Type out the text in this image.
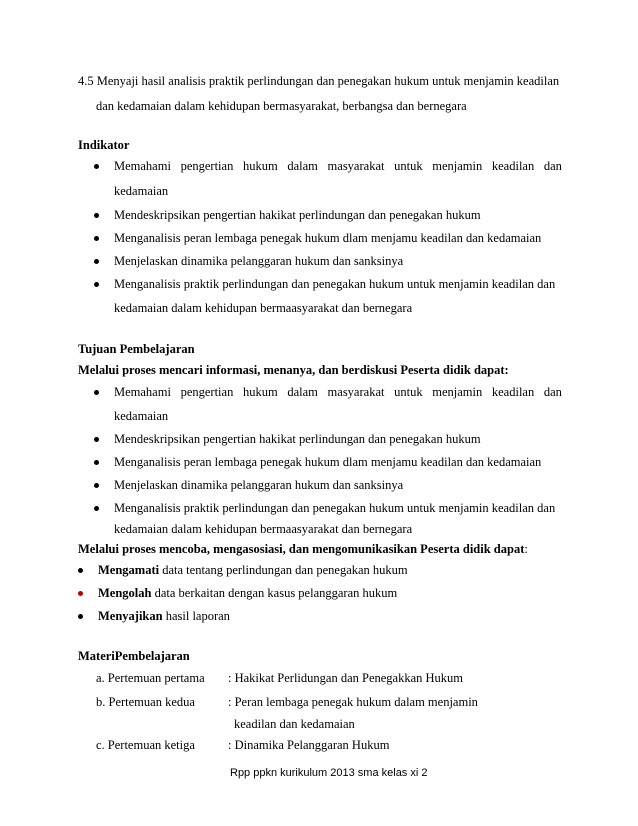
4.5 Menyaji hasil analisis praktik perlindungan dan penegakan hukum untuk menjamin keadilan
dan kedamaian dalam kehidupan bermasyarakat, berbangsa dan bernegara
Indikator
Memahami pengertian hukum dalam masyarakat untuk menjamin keadilan dan
kedamaian
Mendeskripsikan pengertian hakikat perlindungan dan penegakan hukum
Menganalisis peran lembaga penegak hukum dlam menjamu keadilan dan kedamaian
Menjelaskan dinamika pelanggaran hukum dan sanksinya
Menganalisis praktik perlindungan dan penegakan hukum untuk menjamin keadilan dan
kedamaian dalam kehidupan bermaasyarakat dan bernegara
Tujuan Pembelajaran
Melalui proses mencari informasi, menanya, dan berdiskusi Peserta didik dapat:
Memahami pengertian hukum dalam masyarakat untuk menjamin keadilan dan
kedamaian
Mendeskripsikan pengertian hakikat perlindungan dan penegakan hukum
Menganalisis peran lembaga penegak hukum dlam menjamu keadilan dan kedamaian
Menjelaskan dinamika pelanggaran hukum dan sanksinya
Menganalisis praktik perlindungan dan penegakan hukum untuk menjamin keadilan dan
kedamaian dalam kehidupan bermaasyarakat dan bernegara
Melalui proses mencoba, mengasosiasi, dan mengomunikasikan Peserta didik dapat:
Mengamati data tentang perlindungan dan penegakan hukum
Mengolah data berkaitan dengan kasus pelanggaran hukum
Menyajikan hasil laporan
MateriPembelajaran
a. Pertemuan pertama : Hakikat Perlidungan dan Penegakkan Hukum
b. Pertemuan kedua	: Peran lembaga penegak hukum dalam menjamin
keadilan dan kedamaian
c. Pertemuan ketiga	: Dinamika Pelanggaran Hukum
Rpp ppkn kurikulum 2013 sma kelas xi 2
